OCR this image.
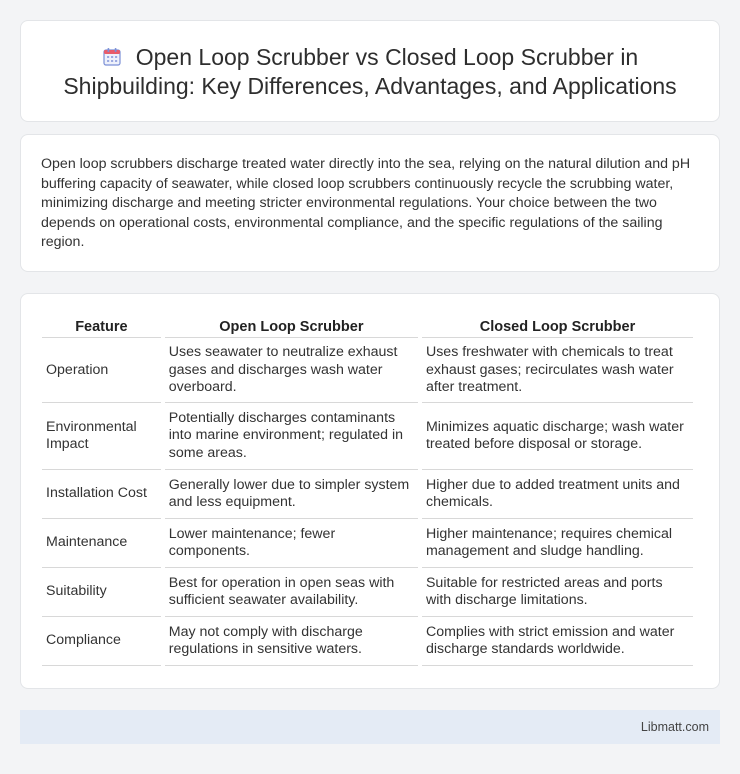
Open Loop Scrubber vs Closed Loop Scrubber in Shipbuilding: Key Differences, Advantages, and Applications

Open loop scrubbers discharge treated water directly into the sea, relying on the natural dilution and pH buffering capacity of seawater, while closed loop scrubbers continuously recycle the scrubbing water, minimizing discharge and meeting stricter environmental regulations. Your choice between the two depends on operational costs, environmental compliance, and the specific regulations of the sailing region.

Feature	Open Loop Scrubber	Closed Loop Scrubber
Operation	Uses seawater to neutralize exhaust gases and discharges wash water overboard.	Uses freshwater with chemicals to treat exhaust gases; recirculates wash water after treatment.
Environmental Impact	Potentially discharges contaminants into marine environment; regulated in some areas.	Minimizes aquatic discharge; wash water treated before disposal or storage.
Installation Cost	Generally lower due to simpler system and less equipment.	Higher due to added treatment units and chemicals.
Maintenance	Lower maintenance; fewer components.	Higher maintenance; requires chemical management and sludge handling.
Suitability	Best for operation in open seas with sufficient seawater availability.	Suitable for restricted areas and ports with discharge limitations.
Compliance	May not comply with discharge regulations in sensitive waters.	Complies with strict emission and water discharge standards worldwide.
Libmatt.com
